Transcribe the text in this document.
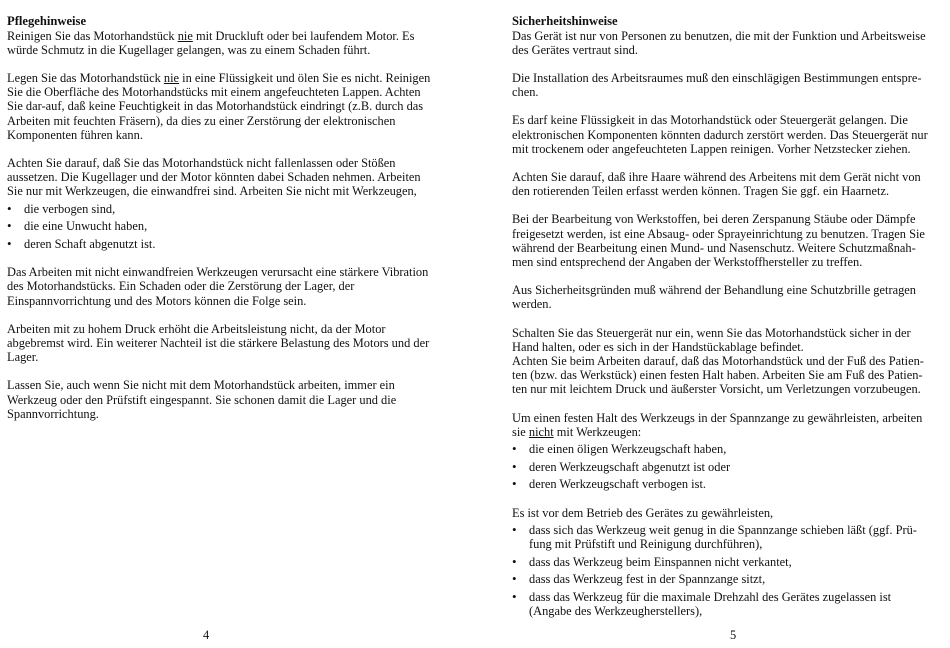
Pflegehinweise

Reinigen Sie das Motorhandstück nie mit Druckluft oder bei laufendem Motor. Es würde Schmutz in die Kugellager gelangen, was zu einem Schaden führt.

Legen Sie das Motorhandstück nie in eine Flüssigkeit und ölen Sie es nicht. Reinigen Sie die Oberfläche des Motorhandstücks mit einem angefeuchteten Lappen. Achten Sie dar-auf, daß keine Feuchtigkeit in das Motorhandstück eindringt (z.B. durch das Arbeiten mit feuchten Fräsern), da dies zu einer Zerstörung der elektronischen Komponenten führen kann.

Achten Sie darauf, daß Sie das Motorhandstück nicht fallenlassen oder Stößen aussetzen. Die Kugellager und der Motor könnten dabei Schaden nehmen. Arbeiten Sie nur mit Werkzeugen, die einwandfrei sind. Arbeiten Sie nicht mit Werkzeugen,

• die verbogen sind,
• die eine Unwucht haben,
• deren Schaft abgenutzt ist.

Das Arbeiten mit nicht einwandfreien Werkzeugen verursacht eine stärkere Vibration des Motorhandstücks. Ein Schaden oder die Zerstörung der Lager, der Einspannvorrichtung und des Motors können die Folge sein.

Arbeiten mit zu hohem Druck erhöht die Arbeitsleistung nicht, da der Motor abgebremst wird. Ein weiterer Nachteil ist die stärkere Belastung des Motors und der Lager.

Lassen Sie, auch wenn Sie nicht mit dem Motorhandstück arbeiten, immer ein Werkzeug oder den Prüfstift eingespannt. Sie schonen damit die Lager und die Spannvorrichtung.

4
Sicherheitshinweise

Das Gerät ist nur von Personen zu benutzen, die mit der Funktion und Arbeitsweise des Gerätes vertraut sind.

Die Installation des Arbeitsraumes muß den einschlägigen Bestimmungen entspre-chen.

Es darf keine Flüssigkeit in das Motorhandstück oder Steuergerät gelangen. Die elektronischen Komponenten könnten dadurch zerstört werden. Das Steuergerät nur mit trockenem oder angefeuchteten Lappen reinigen. Vorher Netzstecker ziehen.

Achten Sie darauf, daß ihre Haare während des Arbeitens mit dem Gerät nicht von den rotierenden Teilen erfasst werden können. Tragen Sie ggf. ein Haarnetz.

Bei der Bearbeitung von Werkstoffen, bei deren Zerspanung Stäube oder Dämpfe freigesetzt werden, ist eine Absaug- oder Sprayeinrichtung zu benutzen. Tragen Sie während der Bearbeitung einen Mund- und Nasenschutz. Weitere Schutzmaßnah-men sind entsprechend der Angaben der Werkstoffhersteller zu treffen.

Aus Sicherheitsgründen muß während der Behandlung eine Schutzbrille getragen werden.

Schalten Sie das Steuergerät nur ein, wenn Sie das Motorhandstück sicher in der Hand halten, oder es sich in der Handstückablage befindet.

Achten Sie beim Arbeiten darauf, daß das Motorhandstück und der Fuß des Patien-ten (bzw. das Werkstück) einen festen Halt haben. Arbeiten Sie am Fuß des Patien-ten nur mit leichtem Druck und äußerster Vorsicht, um Verletzungen vorzubeugen.

Um einen festen Halt des Werkzeugs in der Spannzange zu gewährleisten, arbeiten sie nicht mit Werkzeugen:

• die einen öligen Werkzeugschaft haben,
• deren Werkzeugschaft abgenutzt ist oder
• deren Werkzeugschaft verbogen ist.

Es ist vor dem Betrieb des Gerätes zu gewährleisten,

• dass sich das Werkzeug weit genug in die Spannzange schieben läßt (ggf. Prü-fung mit Prüfstift und Reinigung durchführen),
• dass das Werkzeug beim Einspannen nicht verkantet,
• dass das Werkzeug fest in der Spannzange sitzt,
• dass das Werkzeug für die maximale Drehzahl des Gerätes zugelassen ist (Angabe des Werkzeugherstellers),
5
